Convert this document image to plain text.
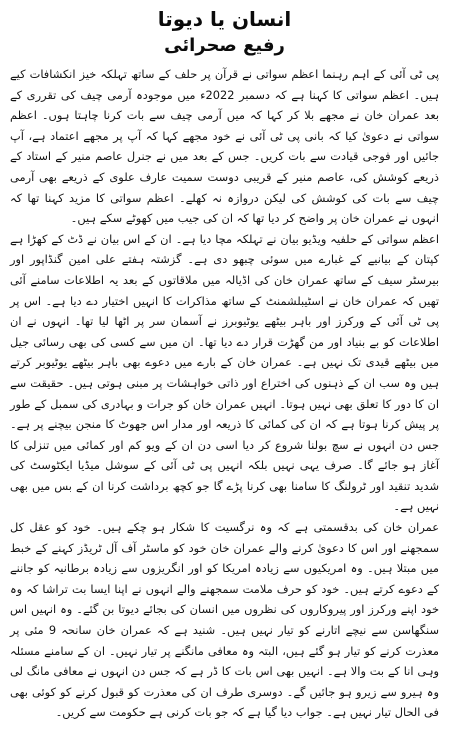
انسان یا دیوتا
رفیع صحرائی

پی ٹی آئی کے اہم رہنما اعظم سواتی نے قرآن پر حلف کے ساتھ تہلکہ خیز انکشافات کیے ہیں۔ اعظم سواتی کا کہنا ہے کہ دسمبر 2022ء میں موجودہ آرمی چیف کی تقرری کے بعد عمران خان نے مجھے بلا کر کہا کہ میں آرمی چیف سے بات کرنا چاہتا ہوں۔ اعظم سواتی نے دعویٰ کیا کہ بانی پی ٹی آئی نے خود مجھے کہا کہ آپ پر مجھے اعتماد ہے، آپ جائیں اور فوجی قیادت سے بات کریں۔ جس کے بعد میں نے جنرل عاصم منیر کے استاد کے ذریعے کوشش کی، عاصم منیر کے قریبی دوست سمیت عارف علوی کے ذریعے بھی آرمی چیف سے بات کی کوشش کی لیکن دروازہ نہ کھلے۔ اعظم سواتی کا مزید کہنا تھا کہ انہوں نے عمران خان پر واضح کر دیا تھا کہ ان کی جیب میں کھوٹے سکے ہیں۔

اعظم سواتی کے حلفیہ ویڈیو بیان نے تہلکہ مچا دیا ہے۔ ان کے اس بیان نے ڈٹ کے کھڑا ہے کپتان کے بیانیے کے غبارے میں سوئی چبھو دی ہے۔ گزشتہ ہفتے علی امین گنڈاپور اور بیرسٹر سیف کے ساتھ عمران خان کی اڈیالہ میں ملاقاتوں کے بعد یہ اطلاعات سامنے آئی تھیں کہ عمران خان نے اسٹیبلشمنٹ کے ساتھ مذاکرات کا انہیں اختیار دے دیا ہے۔ اس پر پی ٹی آئی کے ورکرز اور باہر بیٹھے یوٹیوبرز نے آسمان سر پر اٹھا لیا تھا۔ انہوں نے ان اطلاعات کو بے بنیاد اور من گھڑت قرار دے دیا تھا۔ ان میں سے کسی کی بھی رسائی جیل میں بیٹھے قیدی تک نہیں ہے۔ عمران خان کے بارے میں دعوے بھی باہر بیٹھے یوٹیوبر کرتے ہیں وہ سب ان کے ذہنوں کی اختراع اور ذاتی خواہشات پر مبنی ہوتی ہیں۔ حقیقت سے ان کا دور کا تعلق بھی نہیں ہوتا۔ انہیں عمران خان کو جرات و بہادری کی سمبل کے طور پر پیش کرنا ہوتا ہے کہ ان کی کمائی کا ذریعہ اور مدار اس جھوٹ کا منجن بیچنے پر ہے۔ جس دن انہوں نے سچ بولنا شروع کر دیا اسی دن ان کے ویو کم اور کمائی میں تنزلی کا آغاز ہو جائے گا۔ صرف یہی نہیں بلکہ انہیں پی ٹی آئی کے سوشل میڈیا ایکٹوسٹ کی شدید تنقید اور ٹرولنگ کا سامنا بھی کرنا پڑے گا جو کچھ برداشت کرنا ان کے بس میں بھی نہیں ہے۔

عمران خان کی بدقسمتی ہے کہ وہ نرگسیت کا شکار ہو چکے ہیں۔ خود کو عقل کل سمجھنے اور اس کا دعویٰ کرنے والے عمران خان خود کو ماسٹر آف آل ٹریڈز کہنے کے خبط میں مبتلا ہیں۔ وہ امریکیوں سے زیادہ امریکا کو اور انگریزوں سے زیادہ برطانیہ کو جاننے کے دعوے کرتے ہیں۔ خود کو حرف ملامت سمجھنے والے انہوں نے اپنا ایسا بت تراشا کہ وہ خود اپنے ورکرز اور پیروکاروں کی نظروں میں انسان کی بجائے دیوتا بن گئے۔ وہ انہیں اس سنگھاسن سے نیچے اتارنے کو تیار نہیں ہیں۔ شنید ہے کہ عمران خان سانحہ 9 مئی پر معذرت کرنے کو تیار ہو گئے ہیں، البتہ وہ معافی مانگنے پر تیار نہیں۔ ان کے سامنے مسئلہ وہی انا کے بت والا ہے۔ انہیں بھی اس بات کا ڈر ہے کہ جس دن انہوں نے معافی مانگ لی وہ ہیرو سے زیرو ہو جائیں گے۔ دوسری طرف ان کی معذرت کو قبول کرنے کو کوئی بھی فی الحال تیار نہیں ہے۔ جواب دیا گیا ہے کہ جو بات کرنی ہے حکومت سے کریں۔
